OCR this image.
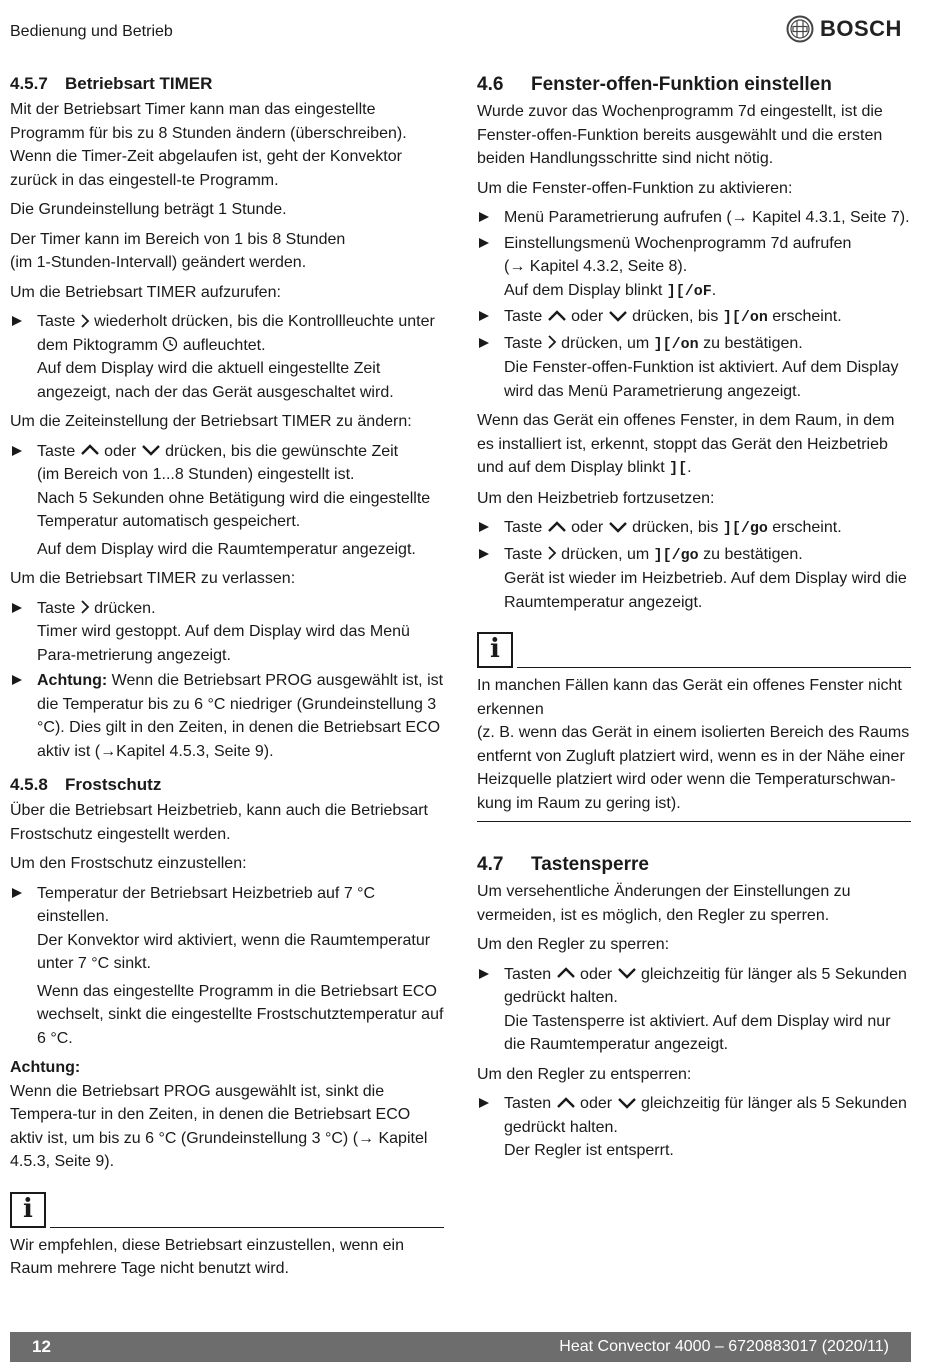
Bedienung und Betrieb	BOSCH
4.5.7 Betriebsart TIMER

Mit der Betriebsart Timer kann man das eingestellte Programm für bis zu 8 Stunden ändern (überschreiben). Wenn die Timer-Zeit abgelaufen ist, geht der Konvektor zurück in das eingestell-te Programm.

Die Grundeinstellung beträgt 1 Stunde.

Der Timer kann im Bereich von 1 bis 8 Stunden
(im 1-Stunden-Intervall) geändert werden.

Um die Betriebsart TIMER aufzurufen:

Taste wiederholt drücken, bis die Kontrollleuchte unter dem Piktogramm aufleuchtet.
Auf dem Display wird die aktuell eingestellte Zeit angezeigt, nach der das Gerät ausgeschaltet wird.

Um die Zeiteinstellung der Betriebsart TIMER zu ändern:

Taste oder drücken, bis die gewünschte Zeit
(im Bereich von 1...8 Stunden) eingestellt ist.
Nach 5 Sekunden ohne Betätigung wird die eingestellte Temperatur automatisch gespeichert.
Auf dem Display wird die Raumtemperatur angezeigt.

Um die Betriebsart TIMER zu verlassen:

Taste drücken.
Timer wird gestoppt. Auf dem Display wird das Menü Para-metrierung angezeigt.
Achtung: Wenn die Betriebsart PROG ausgewählt ist, ist die Temperatur bis zu 6 °C niedriger (Grundeinstellung 3 °C). Dies gilt in den Zeiten, in denen die Betriebsart ECO aktiv ist (→Kapitel 4.5.3, Seite 9).
4.5.8 Frostschutz

Über die Betriebsart Heizbetrieb, kann auch die Betriebsart Frostschutz eingestellt werden.

Um den Frostschutz einzustellen:

Temperatur der Betriebsart Heizbetrieb auf 7 °C einstellen.
Der Konvektor wird aktiviert, wenn die Raumtemperatur unter 7 °C sinkt.
Wenn das eingestellte Programm in die Betriebsart ECO wechselt, sinkt die eingestellte Frostschutztemperatur auf 6 °C.
Achtung:

Wenn die Betriebsart PROG ausgewählt ist, sinkt die Tempera-tur in den Zeiten, in denen die Betriebsart ECO aktiv ist, um bis zu 6 °C (Grundeinstellung 3 °C) (→ Kapitel 4.5.3, Seite 9).

i
Wir empfehlen, diese Betriebsart einzustellen, wenn ein Raum mehrere Tage nicht benutzt wird.
4.6 Fenster-offen-Funktion einstellen

Wurde zuvor das Wochenprogramm 7d eingestellt, ist die Fenster-offen-Funktion bereits ausgewählt und die ersten beiden Handlungsschritte sind nicht nötig.

Um die Fenster-offen-Funktion zu aktivieren:

Menü Parametrierung aufrufen (→ Kapitel 4.3.1, Seite 7).
Einstellungsmenü Wochenprogramm 7d aufrufen
(→ Kapitel 4.3.2, Seite 8).
Auf dem Display blinkt ][/oF.
Taste oder drücken, bis ][/on erscheint.
Taste drücken, um ][/on zu bestätigen.
Die Fenster-offen-Funktion ist aktiviert. Auf dem Display wird das Menü Parametrierung angezeigt.

Wenn das Gerät ein offenes Fenster, in dem Raum, in dem es installiert ist, erkennt, stoppt das Gerät den Heizbetrieb und auf dem Display blinkt ][.

Um den Heizbetrieb fortzusetzen:

Taste oder drücken, bis ][/go erscheint.
Taste drücken, um ][/go zu bestätigen.
Gerät ist wieder im Heizbetrieb. Auf dem Display wird die Raumtemperatur angezeigt.
i
In manchen Fällen kann das Gerät ein offenes Fenster nicht erkennen
(z. B. wenn das Gerät in einem isolierten Bereich des Raums entfernt von Zugluft platziert wird, wenn es in der Nähe einer Heizquelle platziert wird oder wenn die Temperaturschwan-kung im Raum zu gering ist).
4.7 Tastensperre

Um versehentliche Änderungen der Einstellungen zu vermeiden, ist es möglich, den Regler zu sperren.

Um den Regler zu sperren:

Tasten oder gleichzeitig für länger als 5 Sekunden gedrückt halten.
Die Tastensperre ist aktiviert. Auf dem Display wird nur die Raumtemperatur angezeigt.

Um den Regler zu entsperren:

Tasten oder gleichzeitig für länger als 5 Sekunden gedrückt halten.
Der Regler ist entsperrt.
12	Heat Convector 4000 – 6720883017 (2020/11)
